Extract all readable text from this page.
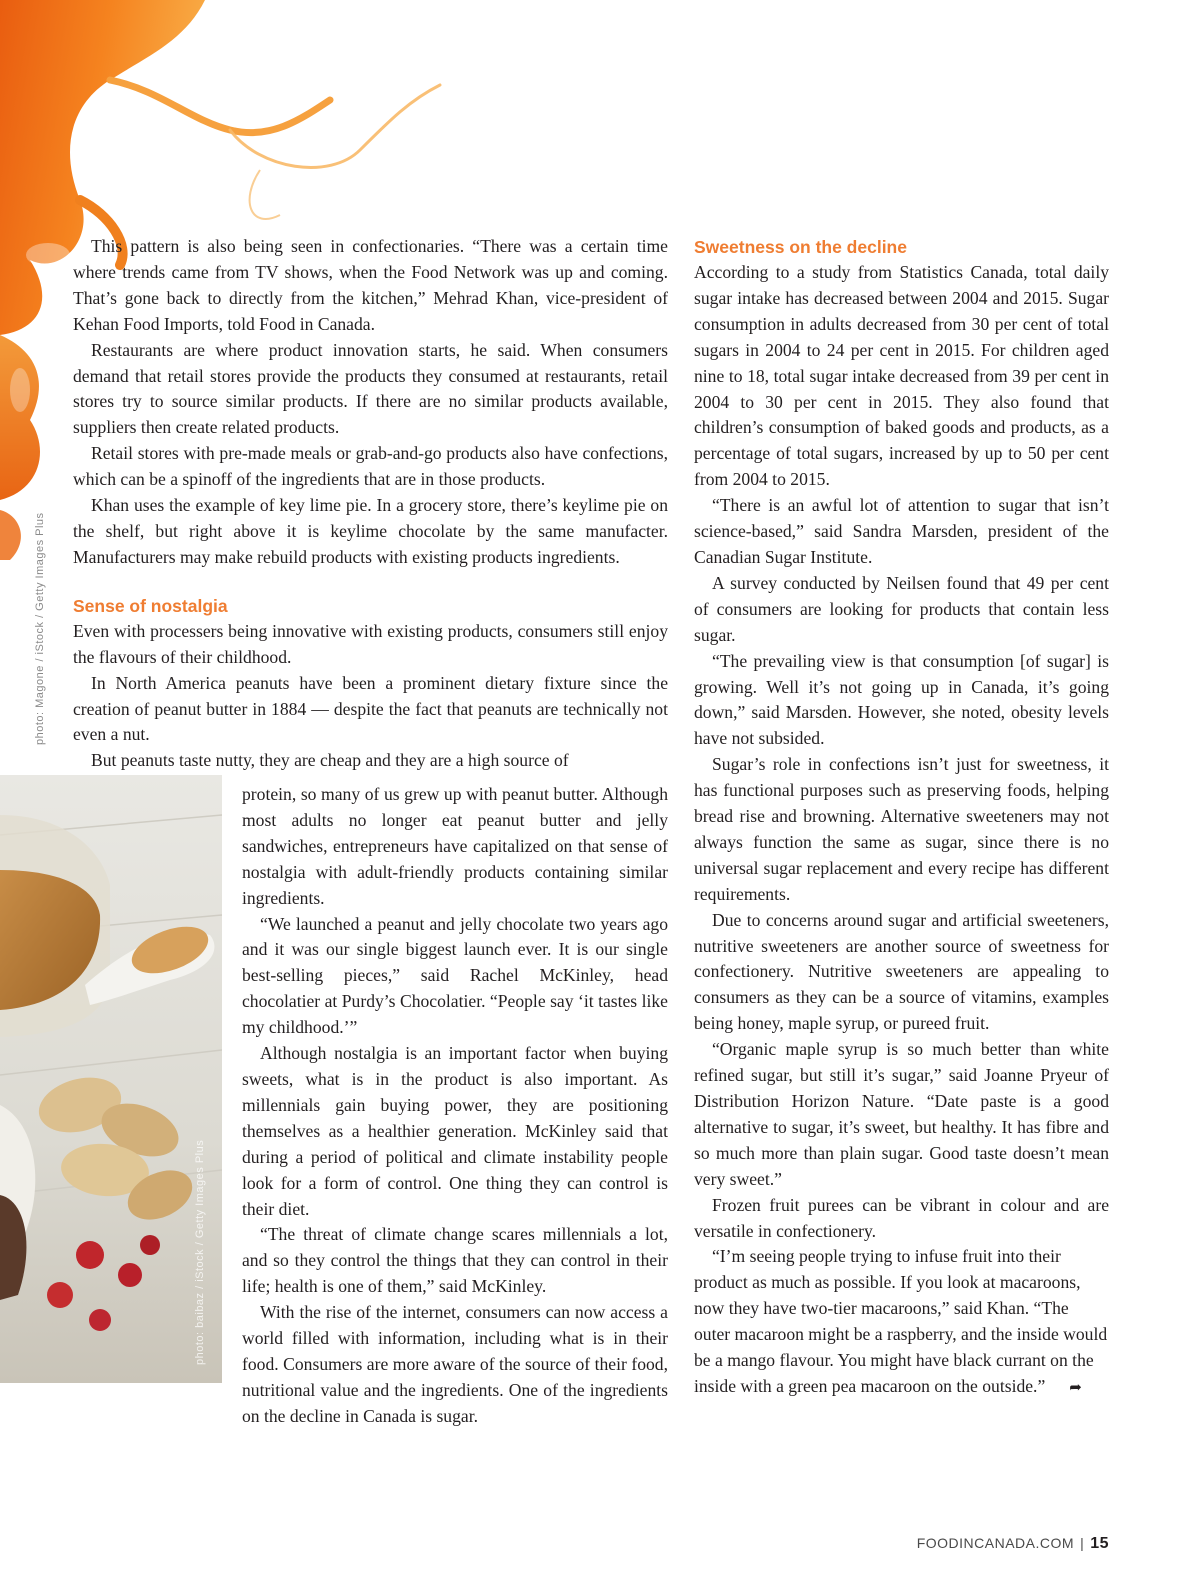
photo: Magone / iStock / Getty Images Plus
photo: baibaz / iStock / Getty Images Plus

This pattern is also being seen in confectionaries. “There was a certain time where trends came from TV shows, when the Food Network was up and coming. That’s gone back to directly from the kitchen,” Mehrad Khan, vice-president of Kehan Food Imports, told Food in Canada.

Restaurants are where product innovation starts, he said. When consumers demand that retail stores provide the products they consumed at restaurants, retail stores try to source similar products. If there are no similar products available, suppliers then create related products.

Retail stores with pre-made meals or grab-and-go products also have confections, which can be a spinoff of the ingredients that are in those products.

Khan uses the example of key lime pie. In a grocery store, there’s keylime pie on the shelf, but right above it is keylime chocolate by the same manufacter. Manufacturers may make rebuild products with existing products ingredients.

Sense of nostalgia

Even with processers being innovative with existing products, consumers still enjoy the flavours of their childhood.

In North America peanuts have been a prominent dietary fixture since the creation of peanut butter in 1884 — despite the fact that peanuts are technically not even a nut.

But peanuts taste nutty, they are cheap and they are a high source of

protein, so many of us grew up with peanut butter. Although most adults no longer eat peanut butter and jelly sandwiches, entrepreneurs have capitalized on that sense of nostalgia with adult-friendly products containing similar ingredients.

“We launched a peanut and jelly chocolate two years ago and it was our single biggest launch ever. It is our single best-selling pieces,” said Rachel McKinley, head chocolatier at Purdy’s Chocolatier. “People say ‘it tastes like my childhood.’”

Although nostalgia is an important factor when buying sweets, what is in the product is also important. As millennials gain buying power, they are positioning themselves as a healthier generation. McKinley said that during a period of political and climate instability people look for a form of control. One thing they can control is their diet.

“The threat of climate change scares millennials a lot, and so they control the things that they can control in their life; health is one of them,” said McKinley.

With the rise of the internet, consumers can now access a world filled with information, including what is in their food. Consumers are more aware of the source of their food, nutritional value and the ingredients. One of the ingredients on the decline in Canada is sugar.

Sweetness on the decline

According to a study from Statistics Canada, total daily sugar intake has decreased between 2004 and 2015. Sugar consumption in adults decreased from 30 per cent of total sugars in 2004 to 24 per cent in 2015. For children aged nine to 18, total sugar intake decreased from 39 per cent in 2004 to 30 per cent in 2015. They also found that children’s consumption of baked goods and products, as a percentage of total sugars, increased by up to 50 per cent from 2004 to 2015.

“There is an awful lot of attention to sugar that isn’t science-based,” said Sandra Marsden, president of the Canadian Sugar Institute.

A survey conducted by Neilsen found that 49 per cent of consumers are looking for products that contain less sugar.

“The prevailing view is that consumption [of sugar] is growing. Well it’s not going up in Canada, it’s going down,” said Marsden. However, she noted, obesity levels have not subsided.

Sugar’s role in confections isn’t just for sweetness, it has functional purposes such as preserving foods, helping bread rise and browning. Alternative sweeteners may not always function the same as sugar, since there is no universal sugar replacement and every recipe has different requirements.

Due to concerns around sugar and artificial sweeteners, nutritive sweeteners are another source of sweetness for confectionery. Nutritive sweeteners are appealing to consumers as they can be a source of vitamins, examples being honey, maple syrup, or pureed fruit.

“Organic maple syrup is so much better than white refined sugar, but still it’s sugar,” said Joanne Pryeur of Distribution Horizon Nature. “Date paste is a good alternative to sugar, it’s sweet, but healthy. It has fibre and so much more than plain sugar. Good taste doesn’t mean very sweet.”

Frozen fruit purees can be vibrant in colour and are versatile in confectionery.

“I’m seeing people trying to infuse fruit into their product as much as possible. If you look at macaroons, now they have two-tier macaroons,” said Khan. “The outer macaroon might be a raspberry, and the inside would be a mango flavour. You might have black currant on the inside with a green pea macaroon on the outside.” ➦

FOODINCANADA.COM | 15
